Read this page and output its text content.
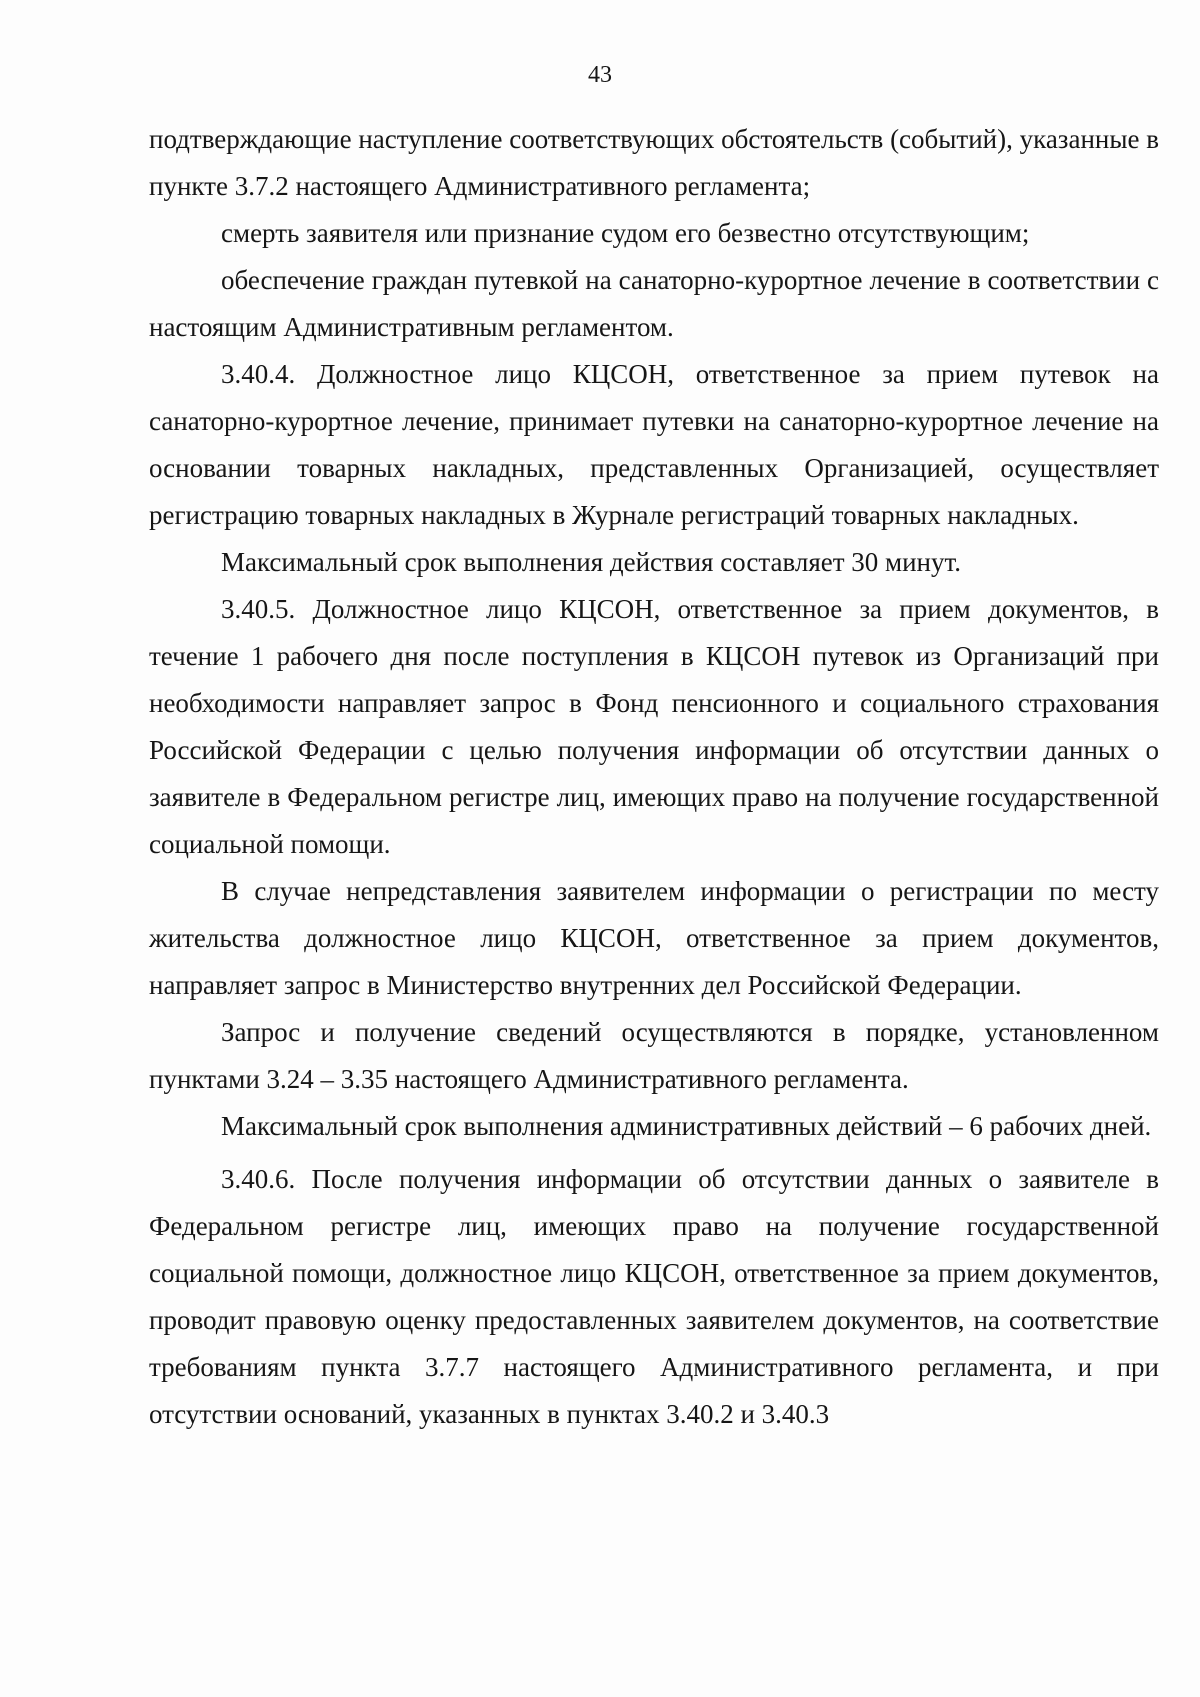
43

подтверждающие наступление соответствующих обстоятельств (событий), указанные в пункте 3.7.2 настоящего Административного регламента;

смерть заявителя или признание судом его безвестно отсутствующим;

обеспечение граждан путевкой на санаторно-курортное лечение в соответствии с настоящим Административным регламентом.

3.40.4. Должностное лицо КЦСОН, ответственное за прием путевок на санаторно-курортное лечение, принимает путевки на санаторно-курортное лечение на основании товарных накладных, представленных Организацией, осуществляет регистрацию товарных накладных в Журнале регистраций товарных накладных.

Максимальный срок выполнения действия составляет 30 минут.

3.40.5. Должностное лицо КЦСОН, ответственное за прием документов, в течение 1 рабочего дня после поступления в КЦСОН путевок из Организаций при необходимости направляет запрос в Фонд пенсионного и социального страхования Российской Федерации с целью получения информации об отсутствии данных о заявителе в Федеральном регистре лиц, имеющих право на получение государственной социальной помощи.

В случае непредставления заявителем информации о регистрации по месту жительства должностное лицо КЦСОН, ответственное за прием документов, направляет запрос в Министерство внутренних дел Российской Федерации.

Запрос и получение сведений осуществляются в порядке, установленном пунктами 3.24 – 3.35 настоящего Административного регламента.

Максимальный срок выполнения административных действий – 6 рабочих дней.

3.40.6. После получения информации об отсутствии данных о заявителе в Федеральном регистре лиц, имеющих право на получение государственной социальной помощи, должностное лицо КЦСОН, ответственное за прием документов, проводит правовую оценку предоставленных заявителем документов, на соответствие требованиям пункта 3.7.7 настоящего Административного регламента, и при отсутствии оснований, указанных в пунктах 3.40.2 и 3.40.3
